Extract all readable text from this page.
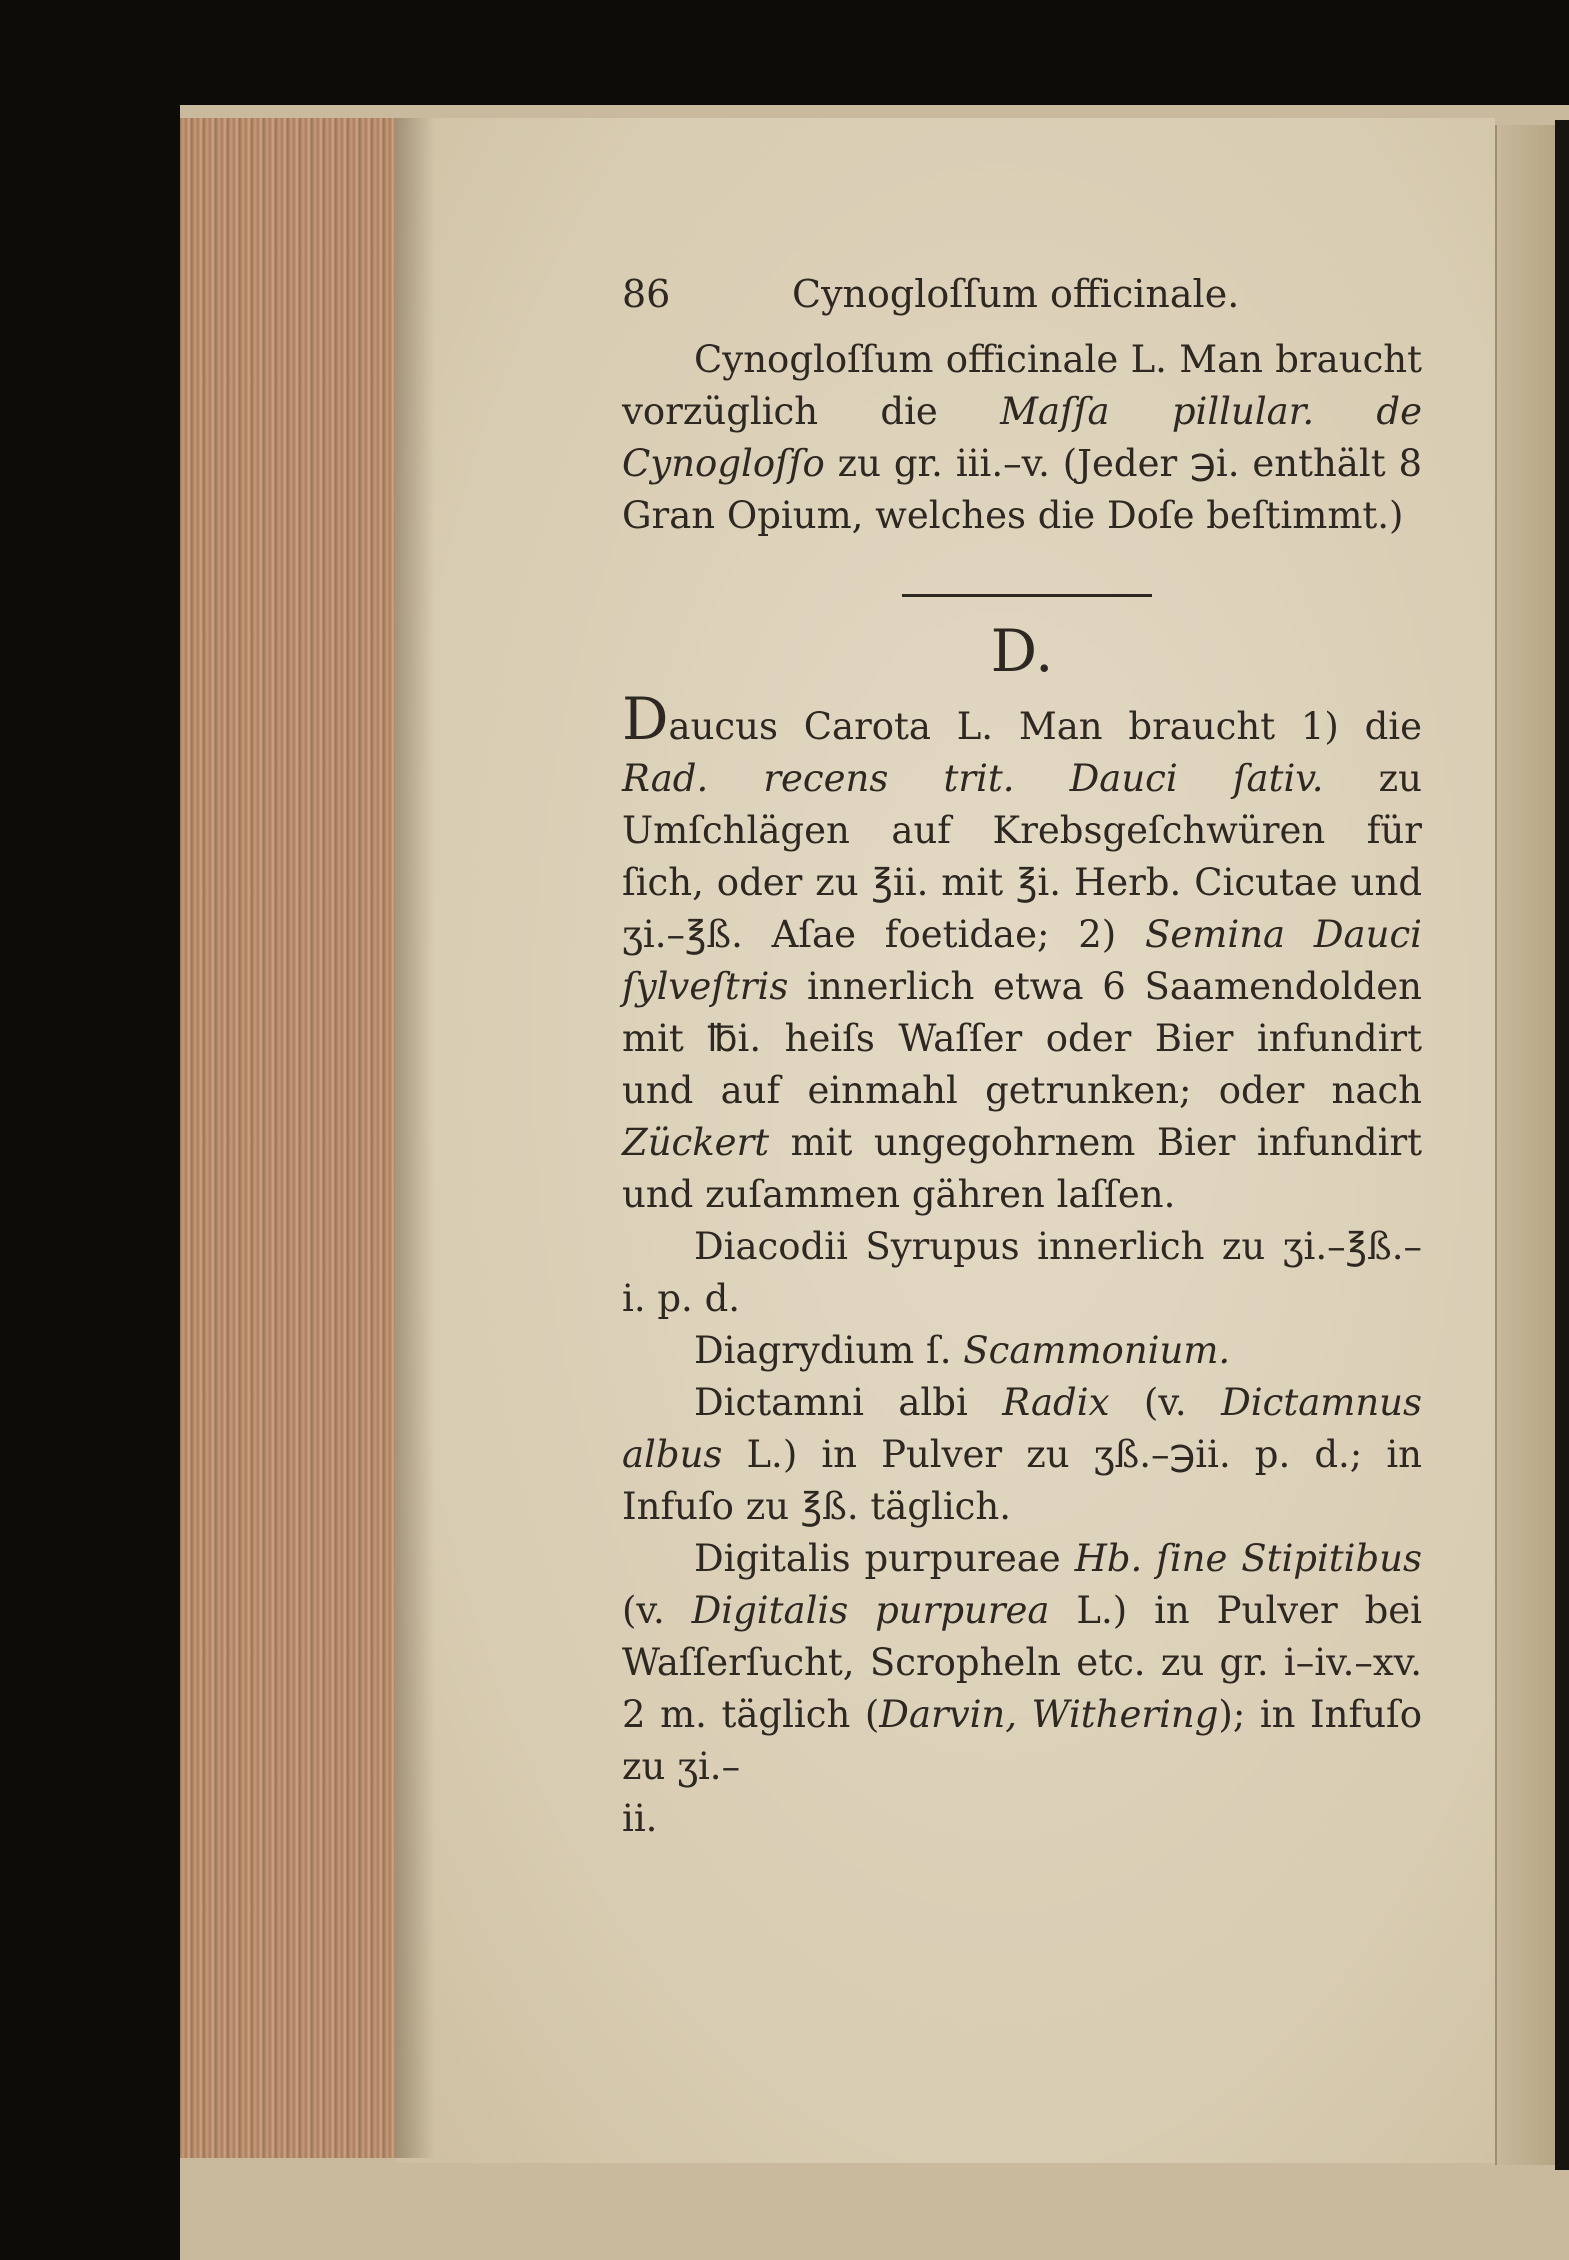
86	Cynogloſſum officinale.

Cynogloſſum officinale L. Man braucht vorzüglich die Maſſa pillular. de Cynogloſſo zu gr. iii.–v. (Jeder ℈i. enthält 8 Gran Opium, welches die Doſe beſtimmt.)

D.

Daucus Carota L. Man braucht 1) die Rad. recens trit. Dauci ſativ. zu Umſchlägen auf Krebsgeſchwüren für ſich, oder zu ℥ii. mit ℥i. Herb. Cicutae und ʒi.–℥ß. Aſae foetidae; 2) Semina Dauci ſylveſtris innerlich etwa 6 Saamendolden mit ℔i. heiſs Waſſer oder Bier infundirt und auf einmahl getrunken; oder nach Zückert mit ungegohrnem Bier infundirt und zuſammen gähren laſſen.

Diacodii Syrupus innerlich zu ʒi.–℥ß.–i. p. d.

Diagrydium ſ. Scammonium.

Dictamni albi Radix (v. Dictamnus albus L.) in Pulver zu ʒß.–℈ii. p. d.; in Infuſo zu ℥ß. täglich.

Digitalis purpureae Hb. ſine Stipitibus (v. Digitalis purpurea L.) in Pulver bei Waſſerſucht, Scropheln etc. zu gr. i–iv.–xv. 2 m. täglich (Darvin, Withering); in Infuſo zu ʒi.–

ii.
